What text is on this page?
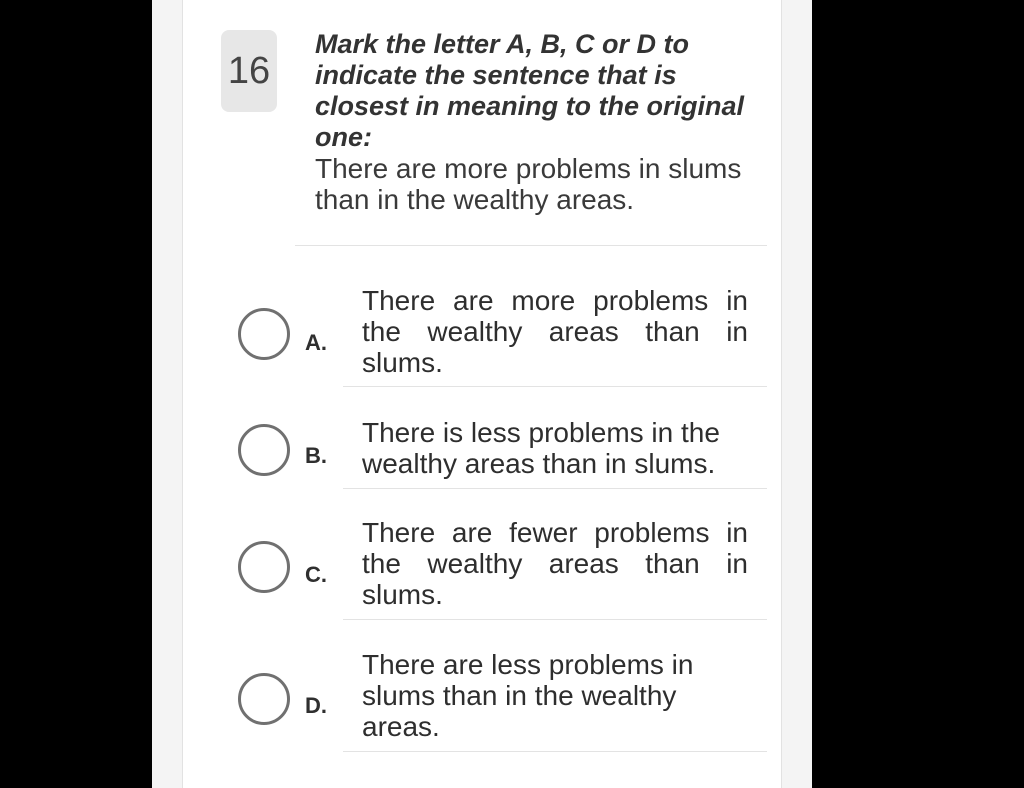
16
Mark the letter A, B, C or D to indicate the sentence that is closest in meaning to the original one:
There are more problems in slums than in the wealthy areas.
A.
There are more problems in the wealthy areas than in slums.
B.
There is less problems in the wealthy areas than in slums.
C.
There are fewer problems in the wealthy areas than in slums.
D.
There are less problems in slums than in the wealthy areas.
